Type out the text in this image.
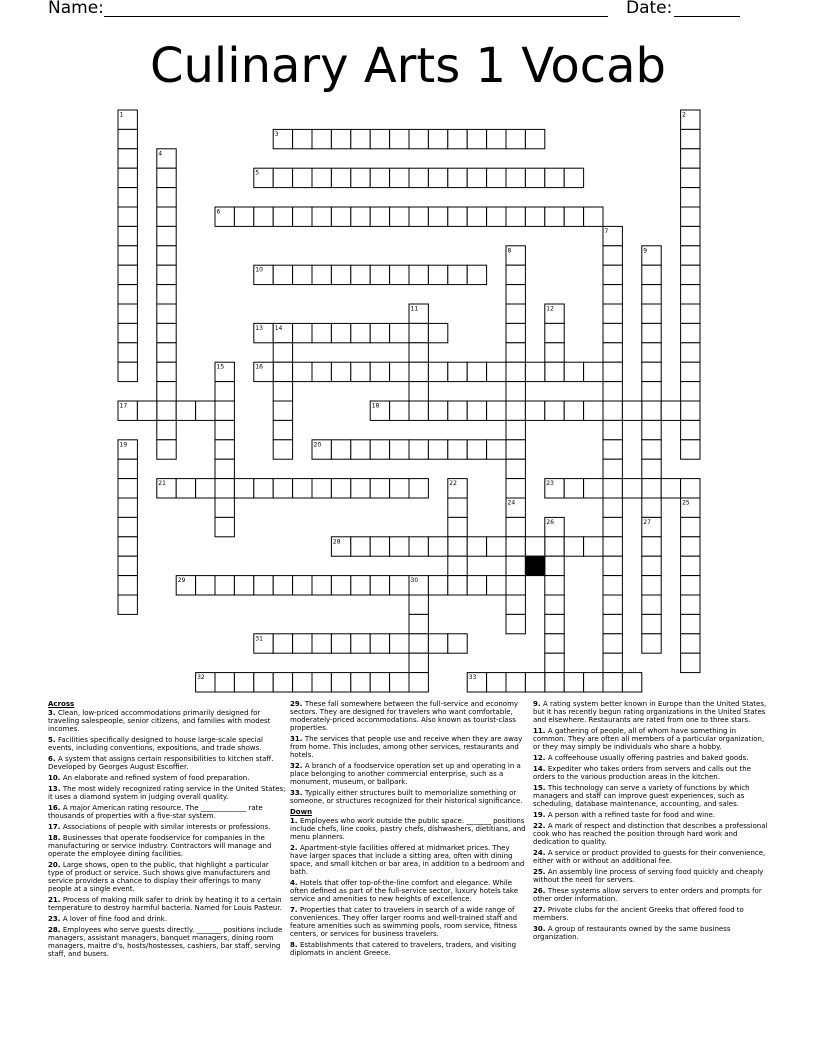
Name:	Date:
Culinary Arts 1 Vocab
1	2
3
4
5
6
7
8	9
10
11	12
13 14
15	16
17	18
19	20
21	22	23
24	25
26	27
28
29	30
31
32	33
Across
3. Clean, low-priced accommodations primarily designed for traveling salespeople, senior citizens, and families with modest incomes.
5. Facilities specifically designed to house large-scale special events, including conventions, expositions, and trade shows.
6. A system that assigns certain responsibilities to kitchen staff. Developed by Georges August Escoffier.
10. An elaborate and refined system of food preparation.
13. The most widely recognized rating service in the United States; it uses a diamond system in judging overall quality.
16. A major American rating resource. The _____________ rate thousands of properties with a five-star system.
17. Associations of people with similar interests or professions.
18. Businesses that operate foodservice for companies in the manufacturing or service industry. Contractors will manage and operate the employee dining facilities.
20. Large shows, open to the public, that highlight a particular type of product or service. Such shows give manufacturers and service providers a chance to display their offerings to many people at a single event.
21. Process of making milk safer to drink by heating it to a certain temperature to destroy harmful bacteria. Named for Louis Pasteur.
23. A lover of fine food and drink.
28. Employees who serve guests directly. _______ positions include managers, assistant managers, banquet managers, dining room managers, maitre d's, hosts/hostesses, cashiers, bar staff, serving staff, and busers.
29. These fall somewhere between the full-service and economy sectors. They are designed for travelers who want comfortable, moderately-priced accommodations. Also known as tourist-class properties.
31. The services that people use and receive when they are away from home. This includes, among other services, restaurants and hotels.
32. A branch of a foodservice operation set up and operating in a place belonging to another commercial enterprise, such as a monument, museum, or ballpark.
33. Typically either structures built to memorialize something or someone, or structures recognized for their historical significance.
Down
1. Employees who work outside the public space. _______ positions include chefs, line cooks, pastry chefs, dishwashers, dietitians, and menu planners.
2. Apartment-style facilities offered at midmarket prices. They have larger spaces that include a sitting area, often with dining space, and small kitchen or bar area, in addition to a bedroom and bath.
4. Hotels that offer top-of-the-line comfort and elegance. While often defined as part of the full-service sector, luxury hotels take service and amenities to new heights of excellence.
7. Properties that cater to travelers in search of a wide range of conveniences. They offer larger rooms and well-trained staff and feature amenities such as swimming pools, room service, fitness centers, or services for business travelers.
8. Establishments that catered to travelers, traders, and visiting diplomats in ancient Greece.
9. A rating system better known in Europe than the United States, but it has recently begun rating organizations in the United States and elsewhere. Restaurants are rated from one to three stars.
11. A gathering of people, all of whom have something in common. They are often all members of a particular organization, or they may simply be individuals who share a hobby.
12. A coffeehouse usually offering pastries and baked goods.
14. Expediter who takes orders from servers and calls out the orders to the various production areas in the kitchen.
15. This technology can serve a variety of functions by which managers and staff can improve guest experiences, such as scheduling, database maintenance, accounting, and sales.
19. A person with a refined taste for food and wine.
22. A mark of respect and distinction that describes a professional cook who has reached the position through hard work and dedication to quality.
24. A service or product provided to guests for their convenience, either with or without an additional fee.
25. An assembly line process of serving food quickly and cheaply without the need for servers.
26. These systems allow servers to enter orders and prompts for other order information.
27. Private clubs for the ancient Greeks that offered food to members.
30. A group of restaurants owned by the same business organization.
